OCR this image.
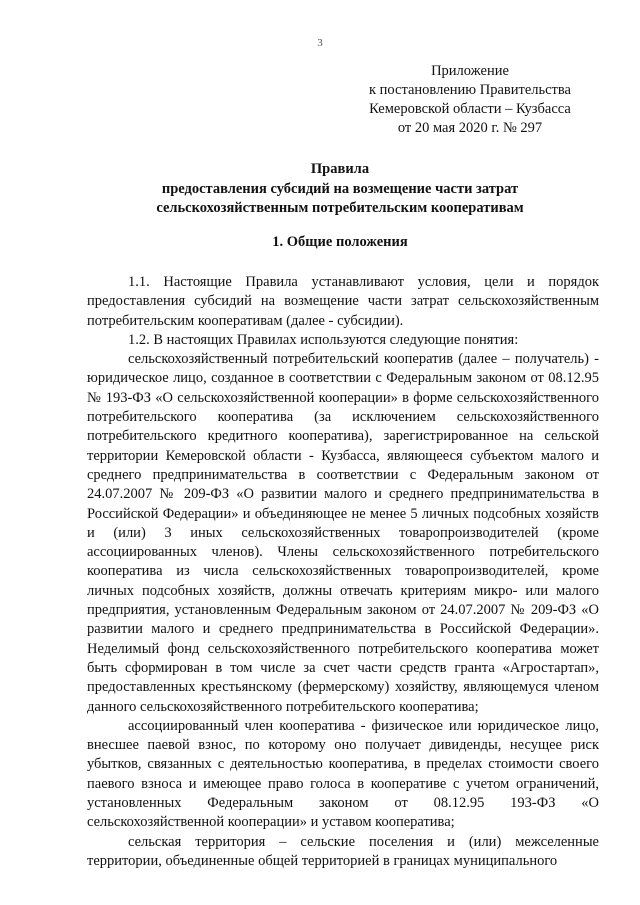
3
Приложение
к постановлению Правительства
Кемеровской области – Кузбасса
от 20 мая 2020 г. № 297
Правила
предоставления субсидий на возмещение части затрат
сельскохозяйственным потребительским кооперативам
1. Общие положения

1.1. Настоящие Правила устанавливают условия, цели и порядок предоставления субсидий на возмещение части затрат сельскохозяйственным потребительским кооперативам (далее - субсидии).

1.2. В настоящих Правилах используются следующие понятия:

сельскохозяйственный потребительский кооператив (далее – получатель) - юридическое лицо, созданное в соответствии с Федеральным законом от 08.12.95 № 193-ФЗ «О сельскохозяйственной кооперации» в форме сельскохозяйственного потребительского кооператива (за исключением сельскохозяйственного потребительского кредитного кооператива), зарегистрированное на сельской территории Кемеровской области - Кузбасса, являющееся субъектом малого и среднего предпринимательства в соответствии с Федеральным законом от 24.07.2007 № 209-ФЗ «О развитии малого и среднего предпринимательства в Российской Федерации» и объединяющее не менее 5 личных подсобных хозяйств и (или) 3 иных сельскохозяйственных товаропроизводителей (кроме ассоциированных членов). Члены сельскохозяйственного потребительского кооператива из числа сельскохозяйственных товаропроизводителей, кроме личных подсобных хозяйств, должны отвечать критериям микро- или малого предприятия, установленным Федеральным законом от 24.07.2007 № 209-ФЗ «О развитии малого и среднего предпринимательства в Российской Федерации». Неделимый фонд сельскохозяйственного потребительского кооператива может быть сформирован в том числе за счет части средств гранта «Агростартап», предоставленных крестьянскому (фермерскому) хозяйству, являющемуся членом данного сельскохозяйственного потребительского кооператива;

ассоциированный член кооператива - физическое или юридическое лицо, внесшее паевой взнос, по которому оно получает дивиденды, несущее риск убытков, связанных с деятельностью кооператива, в пределах стоимости своего паевого взноса и имеющее право голоса в кооперативе с учетом ограничений, установленных Федеральным законом от 08.12.95 193-ФЗ «О сельскохозяйственной кооперации» и уставом кооператива;

сельская территория – сельские поселения и (или) межселенные территории, объединенные общей территорией в границах муниципального
